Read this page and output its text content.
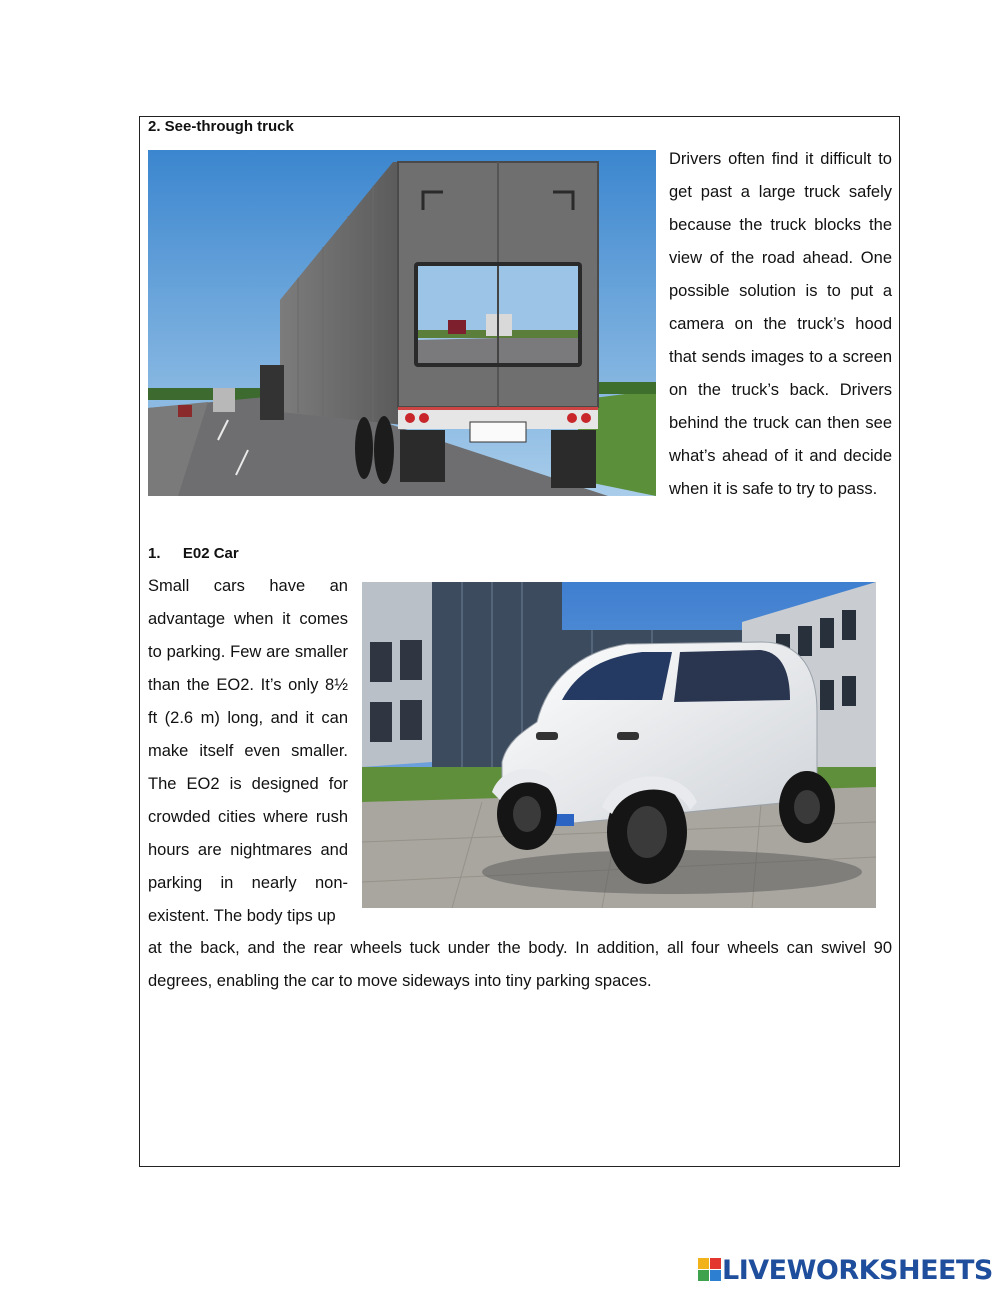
2. See-through truck
Drivers often find it difficult to get past a large truck safely because the truck blocks the view of the road ahead. One possible solution is to put a camera on the truck’s hood that sends images to a screen on the truck’s back. Drivers behind the truck can then see what’s ahead of it and decide when it is safe to try to pass.
1. E02 Car
Small cars have an advantage when it comes to parking. Few are smaller than the EO2. It’s only 8½ ft (2.6 m) long, and it can make itself even smaller. The EO2 is designed for crowded cities where rush hours are nightmares and parking in nearly non-existent. The body tips up
at the back, and the rear wheels tuck under the body. In addition, all four wheels can swivel 90 degrees, enabling the car to move sideways into tiny parking spaces.
LIVEWORKSHEETS
